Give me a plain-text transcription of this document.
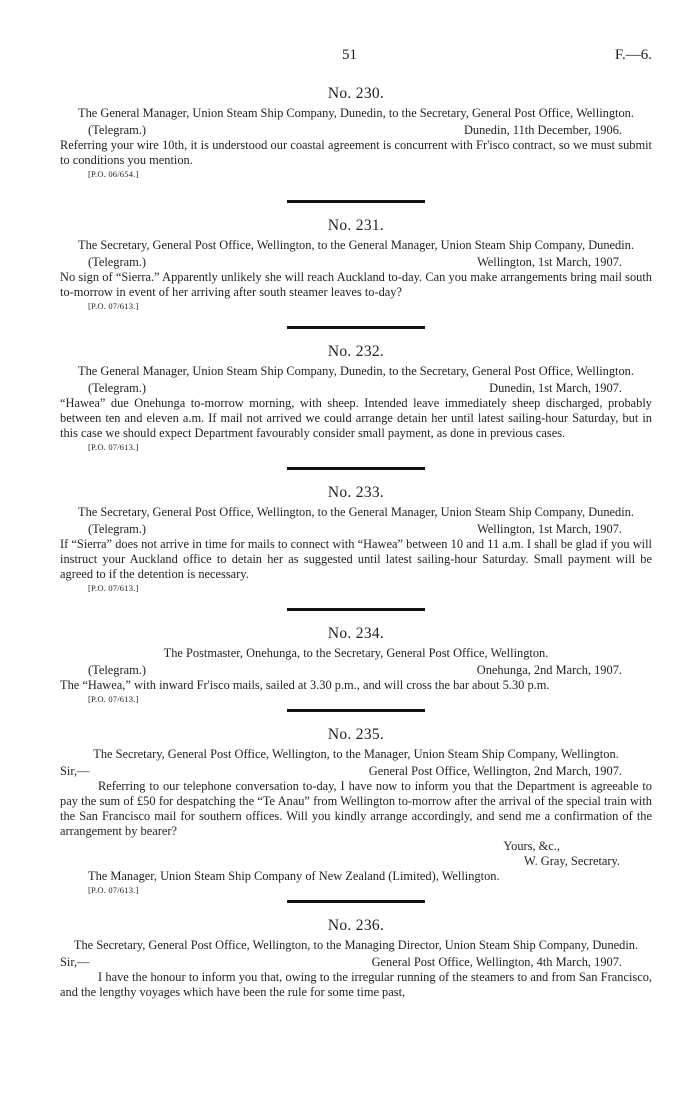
51	F.—6.
No. 230.
The General Manager, Union Steam Ship Company, Dunedin, to the Secretary, General Post Office, Wellington.
(Telegram.)	Dunedin, 11th December, 1906.
Referring your wire 10th, it is understood our coastal agreement is concurrent with Fr'isco contract, so we must submit to conditions you mention.
[P.O. 06/654.]
No. 231.
The Secretary, General Post Office, Wellington, to the General Manager, Union Steam Ship Company, Dunedin.
(Telegram.)	Wellington, 1st March, 1907.
No sign of “Sierra.” Apparently unlikely she will reach Auckland to-day. Can you make arrangements bring mail south to-morrow in event of her arriving after south steamer leaves to-day?
[P.O. 07/613.]
No. 232.
The General Manager, Union Steam Ship Company, Dunedin, to the Secretary, General Post Office, Wellington.
(Telegram.)	Dunedin, 1st March, 1907.
“Hawea” due Onehunga to-morrow morning, with sheep. Intended leave immediately sheep discharged, probably between ten and eleven a.m. If mail not arrived we could arrange detain her until latest sailing-hour Saturday, but in this case we should expect Department favourably consider small payment, as done in previous cases.
[P.O. 07/613.]
No. 233.
The Secretary, General Post Office, Wellington, to the General Manager, Union Steam Ship Company, Dunedin.
(Telegram.)	Wellington, 1st March, 1907.
If “Sierra” does not arrive in time for mails to connect with “Hawea” between 10 and 11 a.m. I shall be glad if you will instruct your Auckland office to detain her as suggested until latest sailing-hour Saturday. Small payment will be agreed to if the detention is necessary.
[P.O. 07/613.]
No. 234.
The Postmaster, Onehunga, to the Secretary, General Post Office, Wellington.
(Telegram.)	Onehunga, 2nd March, 1907.
The “Hawea,” with inward Fr'isco mails, sailed at 3.30 p.m., and will cross the bar about 5.30 p.m.
[P.O. 07/613.]
No. 235.
The Secretary, General Post Office, Wellington, to the Manager, Union Steam Ship Company, Wellington.
Sir,—	General Post Office, Wellington, 2nd March, 1907.
Referring to our telephone conversation to-day, I have now to inform you that the Department is agreeable to pay the sum of £50 for despatching the “Te Anau” from Wellington to-morrow after the arrival of the special train with the San Francisco mail for southern offices. Will you kindly arrange accordingly, and send me a confirmation of the arrangement by bearer?
Yours, &c.,
W. Gray, Secretary.
The Manager, Union Steam Ship Company of New Zealand (Limited), Wellington.
[P.O. 07/613.]
No. 236.
The Secretary, General Post Office, Wellington, to the Managing Director, Union Steam Ship Company, Dunedin.
Sir,—	General Post Office, Wellington, 4th March, 1907.
I have the honour to inform you that, owing to the irregular running of the steamers to and from San Francisco, and the lengthy voyages which have been the rule for some time past,
